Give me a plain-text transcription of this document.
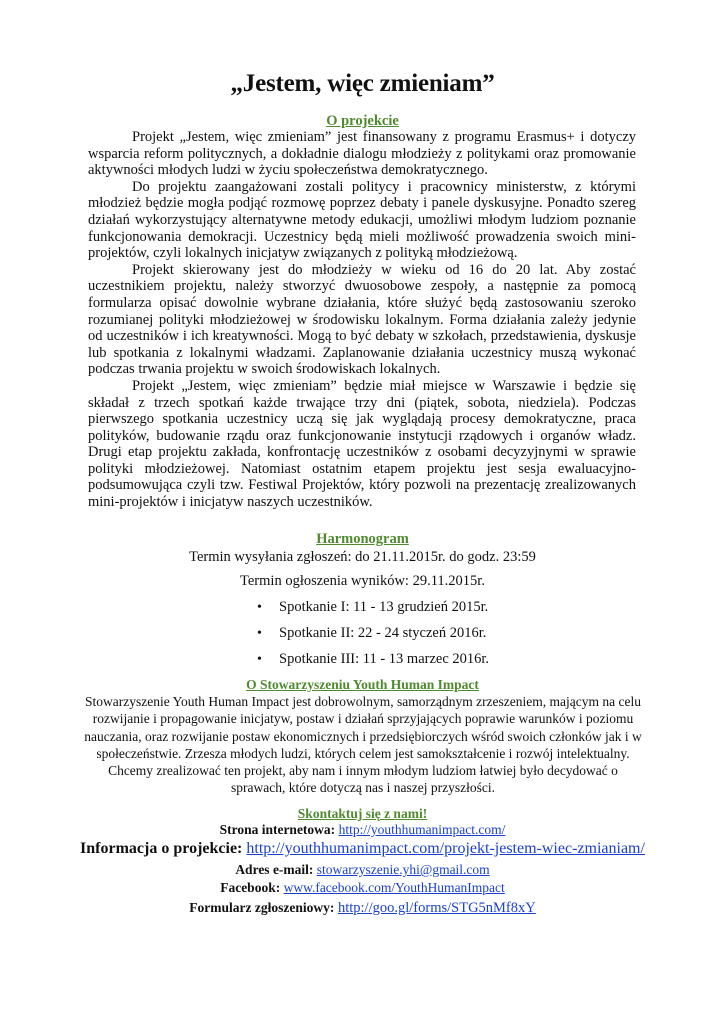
„Jestem, więc zmieniam”
O projekcie

Projekt „Jestem, więc zmieniam” jest finansowany z programu Erasmus+ i dotyczy wsparcia reform politycznych, a dokładnie dialogu młodzieży z politykami oraz promowanie aktywności młodych ludzi w życiu społeczeństwa demokratycznego.

Do projektu zaangażowani zostali politycy i pracownicy ministerstw, z którymi młodzież będzie mogła podjąć rozmowę poprzez debaty i panele dyskusyjne. Ponadto szereg działań wykorzystujący alternatywne metody edukacji, umożliwi młodym ludziom poznanie funkcjonowania demokracji. Uczestnicy będą mieli możliwość prowadzenia swoich mini-projektów, czyli lokalnych inicjatyw związanych z polityką młodzieżową.

Projekt skierowany jest do młodzieży w wieku od 16 do 20 lat. Aby zostać uczestnikiem projektu, należy stworzyć dwuosobowe zespoły, a następnie za pomocą formularza opisać dowolnie wybrane działania, które służyć będą zastosowaniu szeroko rozumianej polityki młodzieżowej w środowisku lokalnym. Forma działania zależy jedynie od uczestników i ich kreatywności. Mogą to być debaty w szkołach, przedstawienia, dyskusje lub spotkania z lokalnymi władzami. Zaplanowanie działania uczestnicy muszą wykonać podczas trwania projektu w swoich środowiskach lokalnych.

Projekt „Jestem, więc zmieniam” będzie miał miejsce w Warszawie i będzie się składał z trzech spotkań każde trwające trzy dni (piątek, sobota, niedziela). Podczas pierwszego spotkania uczestnicy uczą się jak wyglądają procesy demokratyczne, praca polityków, budowanie rządu oraz funkcjonowanie instytucji rządowych i organów władz. Drugi etap projektu zakłada, konfrontację uczestników z osobami decyzyjnymi w sprawie polityki młodzieżowej. Natomiast ostatnim etapem projektu jest sesja ewaluacyjno-podsumowująca czyli tzw. Festiwal Projektów, który pozwoli na prezentację zrealizowanych mini-projektów i inicjatyw naszych uczestników.

Harmonogram
Termin wysyłania zgłoszeń: do 21.11.2015r. do godz. 23:59
Termin ogłoszenia wyników: 29.11.2015r.
• Spotkanie I: 11 - 13 grudzień 2015r.
• Spotkanie II: 22 - 24 styczeń 2016r.
• Spotkanie III: 11 - 13 marzec 2016r.
O Stowarzyszeniu Youth Human Impact
Stowarzyszenie Youth Human Impact jest dobrowolnym, samorządnym zrzeszeniem, mającym na celu rozwijanie i propagowanie inicjatyw, postaw i działań sprzyjających poprawie warunków i poziomu nauczania, oraz rozwijanie postaw ekonomicznych i przedsiębiorczych wśród swoich członków jak i w społeczeństwie. Zrzesza młodych ludzi, których celem jest samokształcenie i rozwój intelektualny. Chcemy zrealizować ten projekt, aby nam i innym młodym ludziom łatwiej było decydować o sprawach, które dotyczą nas i naszej przyszłości.
Skontaktuj się z nami!
Strona internetowa: http://youthhumanimpact.com/
Informacja o projekcie: http://youthhumanimpact.com/projekt-jestem-wiec-zmianiam/
Adres e-mail: stowarzyszenie.yhi@gmail.com
Facebook: www.facebook.com/YouthHumanImpact
Formularz zgłoszeniowy: http://goo.gl/forms/STG5nMf8xY
